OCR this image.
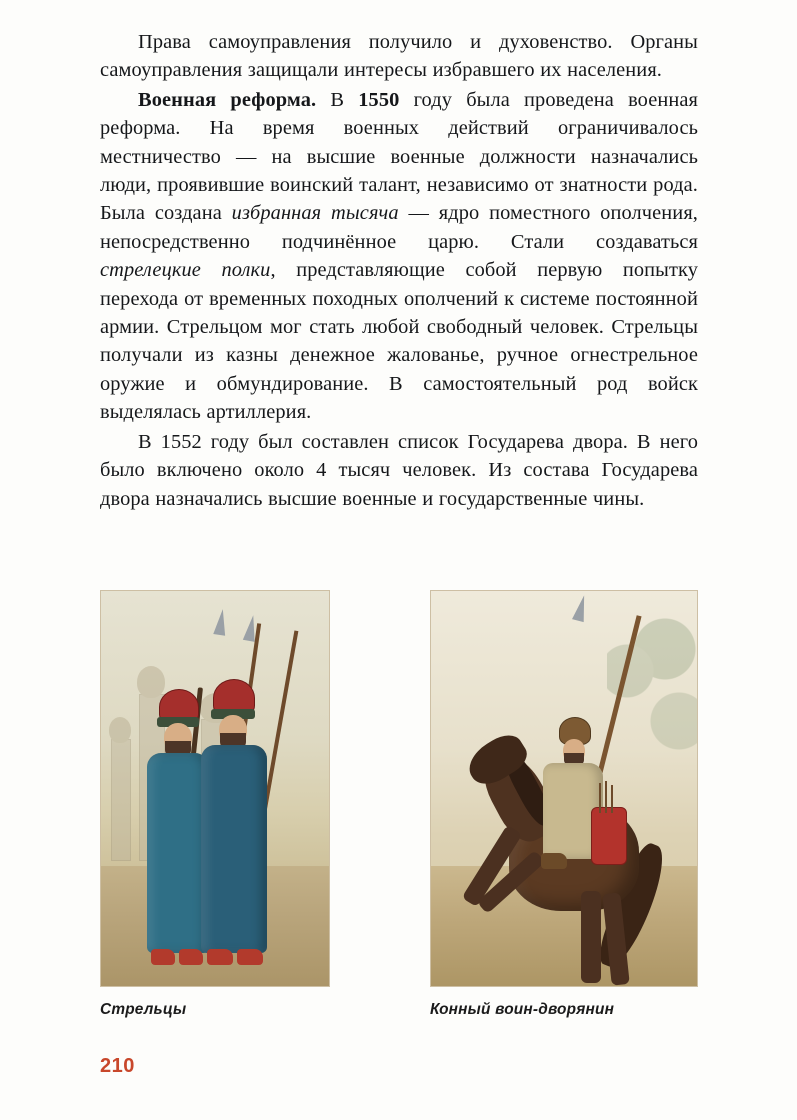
Права самоуправления получило и духовенство. Органы самоуправления защищали интересы избравшего их населения.

Военная реформа. В 1550 году была проведена военная реформа. На время военных действий ограничивалось местничество — на высшие военные должности назначались люди, проявившие воинский талант, независимо от знатности рода. Была создана избранная тысяча — ядро поместного ополчения, непосредственно подчинённое царю. Стали создаваться стрелецкие полки, представляющие собой первую попытку перехода от временных походных ополчений к системе постоянной армии. Стрельцом мог стать любой свободный человек. Стрельцы получали из казны денежное жалованье, ручное огнестрельное оружие и обмундирование. В самостоятельный род войск выделялась артиллерия.

В 1552 году был составлен список Государева двора. В него было включено около 4 тысяч человек. Из состава Государева двора назначались высшие военные и государственные чины.

Стрельцы	Конный воин-дворянин
210
